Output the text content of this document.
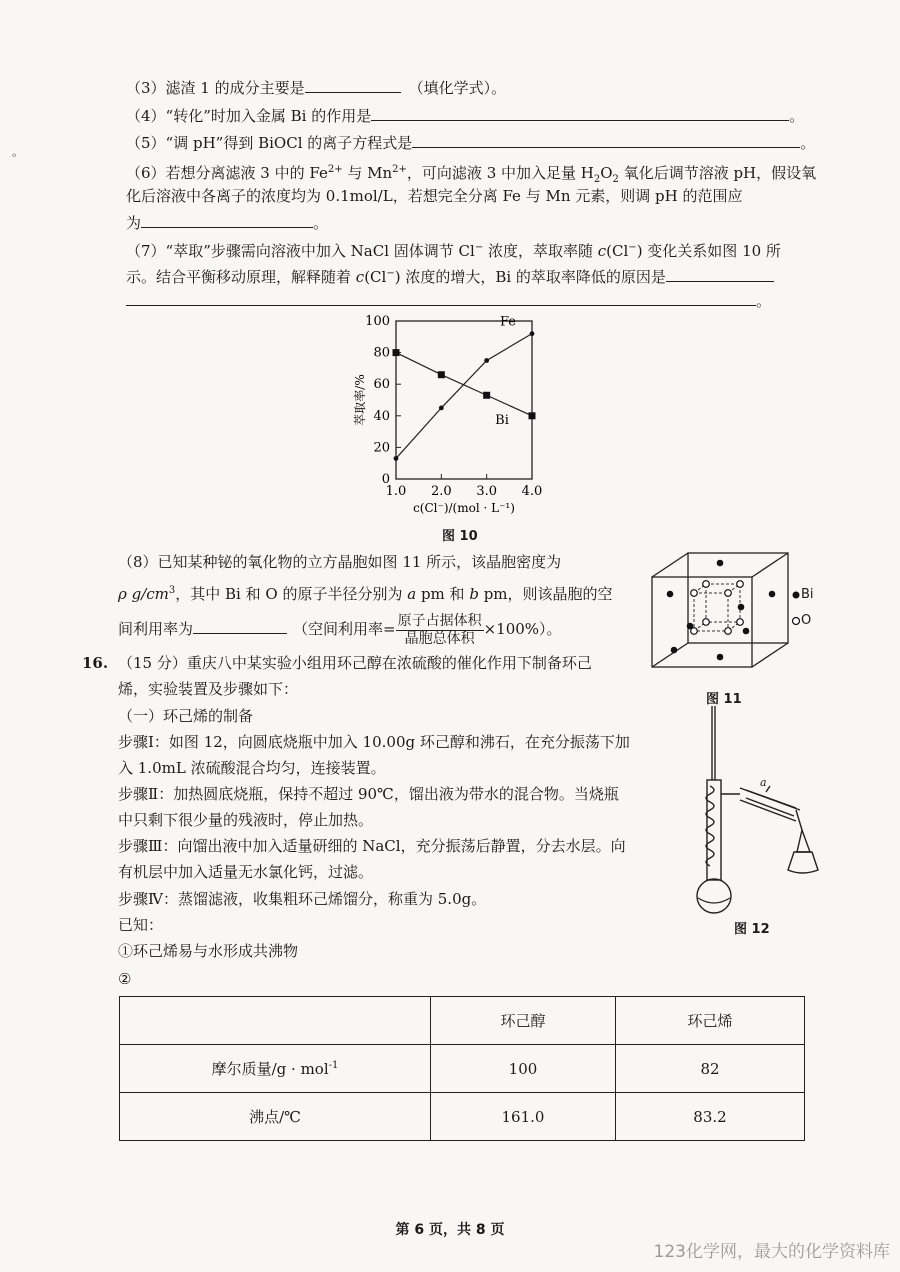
ℴ
（3）滤渣 1 的成分主要是	（填化学式）。
（4）“转化”时加入金属 Bi 的作用是	。
（5）“调 pH”得到 BiOCl 的离子方程式是	。
（6）若想分离滤液 3 中的 $Fe^{2+}$ 与 $Mn^{2+}$，可向滤液 3 中加入足量 $H_2O_2$ 氧化后调节溶液 pH，假设氧
化后溶液中各离子的浓度均为 0.1mol/L，若想完全分离 Fe 与 Mn 元素，则调 pH 的范围应
为	。
（7）“萃取”步骤需向溶液中加入 NaCl 固体调节 Cl− 浓度，萃取率随 c(Cl−) 变化关系如图 10 所
示。结合平衡移动原理，解释随着 c(Cl−) 浓度的增大，Bi 的萃取率降低的原因是
。
0
20
40
60
80
100
1.0 2.0 3.0 4.0
c(Cl⁻)/(mol · L⁻¹)
萃取率/%
Fe
Bi
图 10
（8）已知某种铋的氧化物的立方晶胞如图 11 所示，该晶胞密度为
ρ $g/cm^3$，其中 Bi 和 O 的原子半径分别为 a pm 和 b pm，则该晶胞的空
间利用率为	（空间利用率= $\frac{\text{原子占据体积}}{\text{晶胞总体积}} \times 100\%$）。
Bi
O
图 11
16. （15 分）重庆八中某实验小组用环己醇在浓硫酸的催化作用下制备环己
烯，实验装置及步骤如下：
（一）环己烯的制备
步骤Ⅰ：如图 12，向圆底烧瓶中加入 10.00g 环己醇和沸石，在充分振荡下加
入 1.0mL 浓硫酸混合均匀，连接装置。
步骤Ⅱ：加热圆底烧瓶，保持不超过 90℃，馏出液为带水的混合物。当烧瓶
中只剩下很少量的残液时，停止加热。
步骤Ⅲ：向馏出液中加入适量研细的 NaCl，充分振荡后静置，分去水层。向
有机层中加入适量无水氯化钙，过滤。
步骤Ⅳ：蒸馏滤液，收集粗环己烯馏分，称重为 5.0g。
已知：
①环己烯易与水形成共沸物
②
a
图 12
	环己醇	环己烯
摩尔质量/g · mol$^{-1}$	100	82
沸点/℃	161.0	83.2
第 6 页，共 8 页
123化学网，最大的化学资料库
